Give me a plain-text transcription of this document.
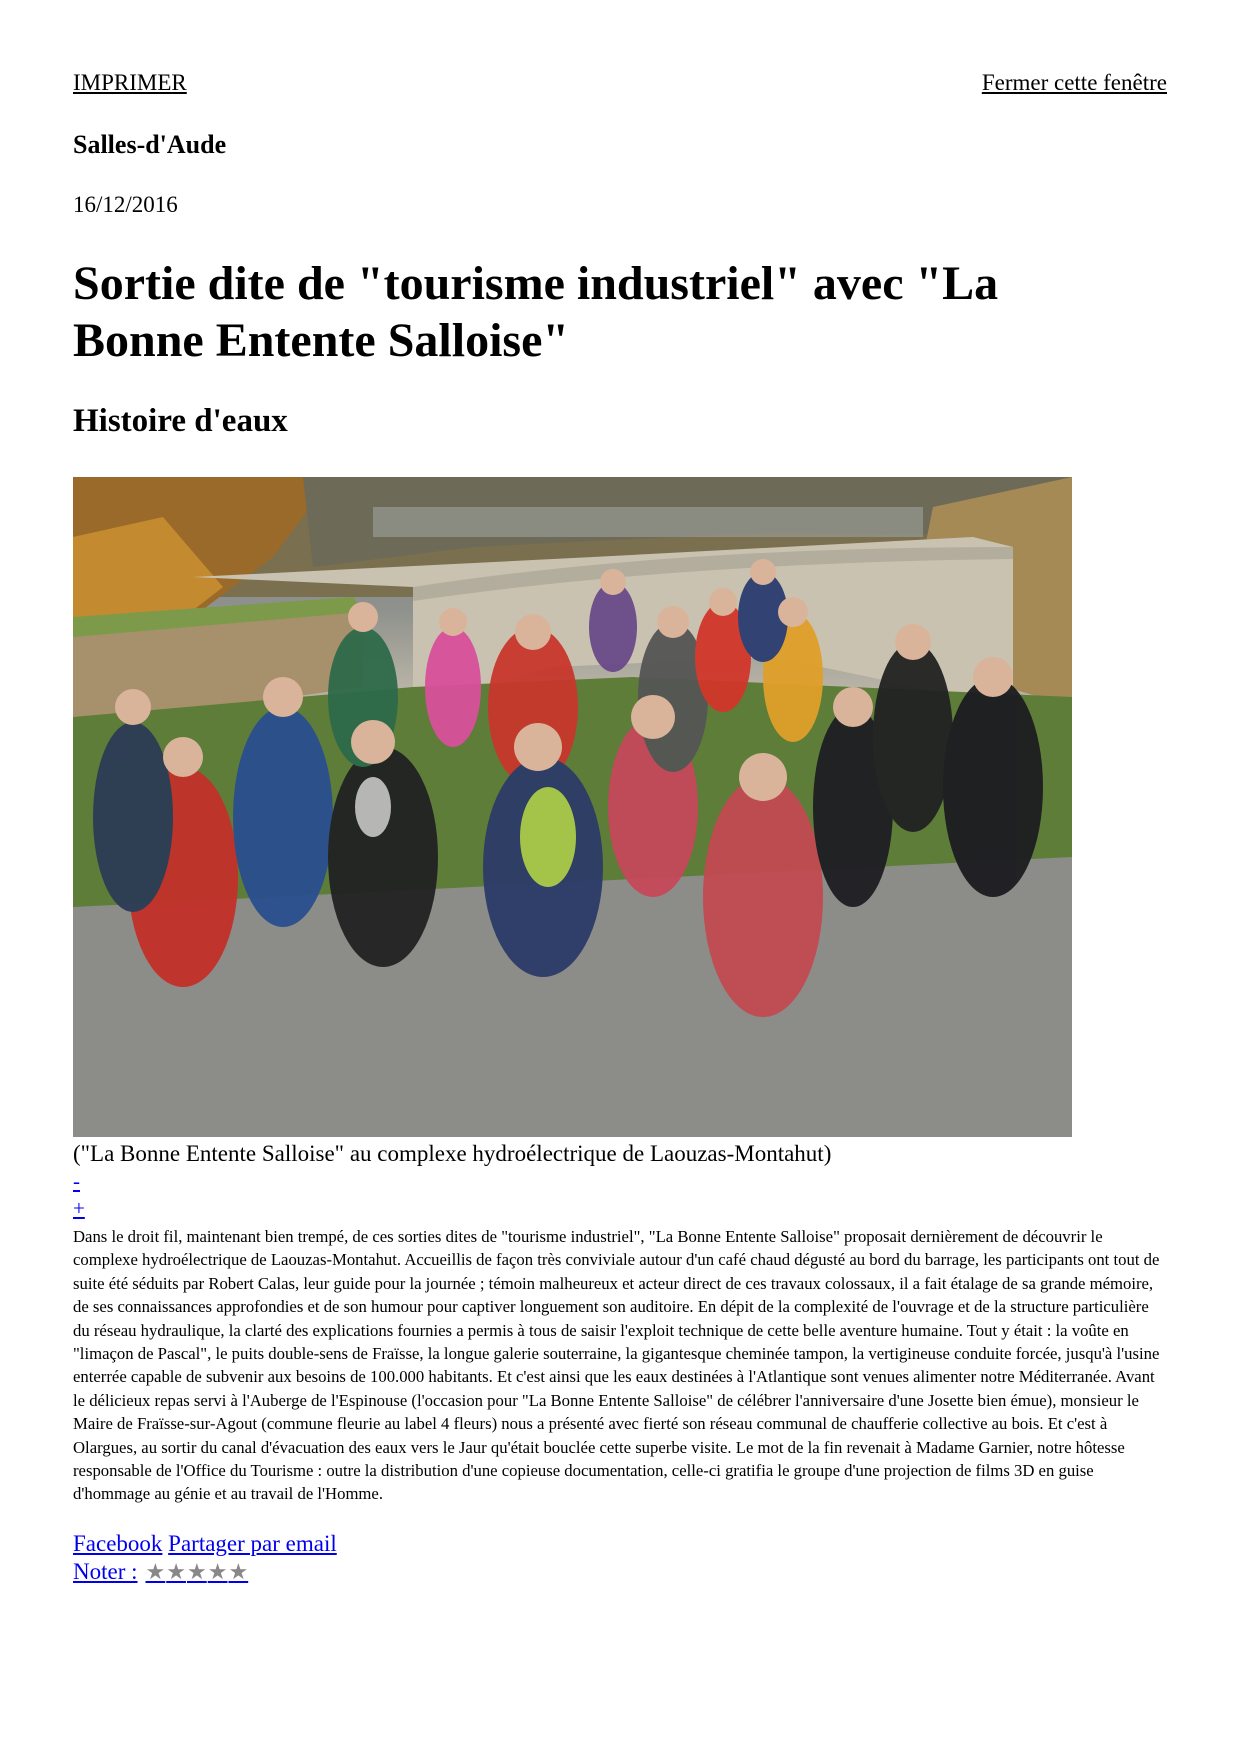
IMPRIMER	Fermer cette fenêtre
Salles-d'Aude
16/12/2016
Sortie dite de "tourisme industriel" avec "La Bonne Entente Salloise"
Histoire d'eaux
("La Bonne Entente Salloise" au complexe hydroélectrique de Laouzas-Montahut)
-
+

Dans le droit fil, maintenant bien trempé, de ces sorties dites de "tourisme industriel", "La Bonne Entente Salloise" proposait dernièrement de découvrir le complexe hydroélectrique de Laouzas-Montahut. Accueillis de façon très conviviale autour d'un café chaud dégusté au bord du barrage, les participants ont tout de suite été séduits par Robert Calas, leur guide pour la journée ; témoin malheureux et acteur direct de ces travaux colossaux, il a fait étalage de sa grande mémoire, de ses connaissances approfondies et de son humour pour captiver longuement son auditoire. En dépit de la complexité de l'ouvrage et de la structure particulière du réseau hydraulique, la clarté des explications fournies a permis à tous de saisir l'exploit technique de cette belle aventure humaine. Tout y était : la voûte en "limaçon de Pascal", le puits double-sens de Fraïsse, la longue galerie souterraine, la gigantesque cheminée tampon, la vertigineuse conduite forcée, jusqu'à l'usine enterrée capable de subvenir aux besoins de 100.000 habitants. Et c'est ainsi que les eaux destinées à l'Atlantique sont venues alimenter notre Méditerranée. Avant le délicieux repas servi à l'Auberge de l'Espinouse (l'occasion pour "La Bonne Entente Salloise" de célébrer l'anniversaire d'une Josette bien émue), monsieur le Maire de Fraïsse-sur-Agout (commune fleurie au label 4 fleurs) nous a présenté avec fierté son réseau communal de chaufferie collective au bois. Et c'est à Olargues, au sortir du canal d'évacuation des eaux vers le Jaur qu'était bouclée cette superbe visite. Le mot de la fin revenait à Madame Garnier, notre hôtesse responsable de l'Office du Tourisme : outre la distribution d'une copieuse documentation, celle-ci gratifia le groupe d'une projection de films 3D en guise d'hommage au génie et au travail de l'Homme.

Facebook Partager par email
Noter : ★ ★ ★ ★ ★
